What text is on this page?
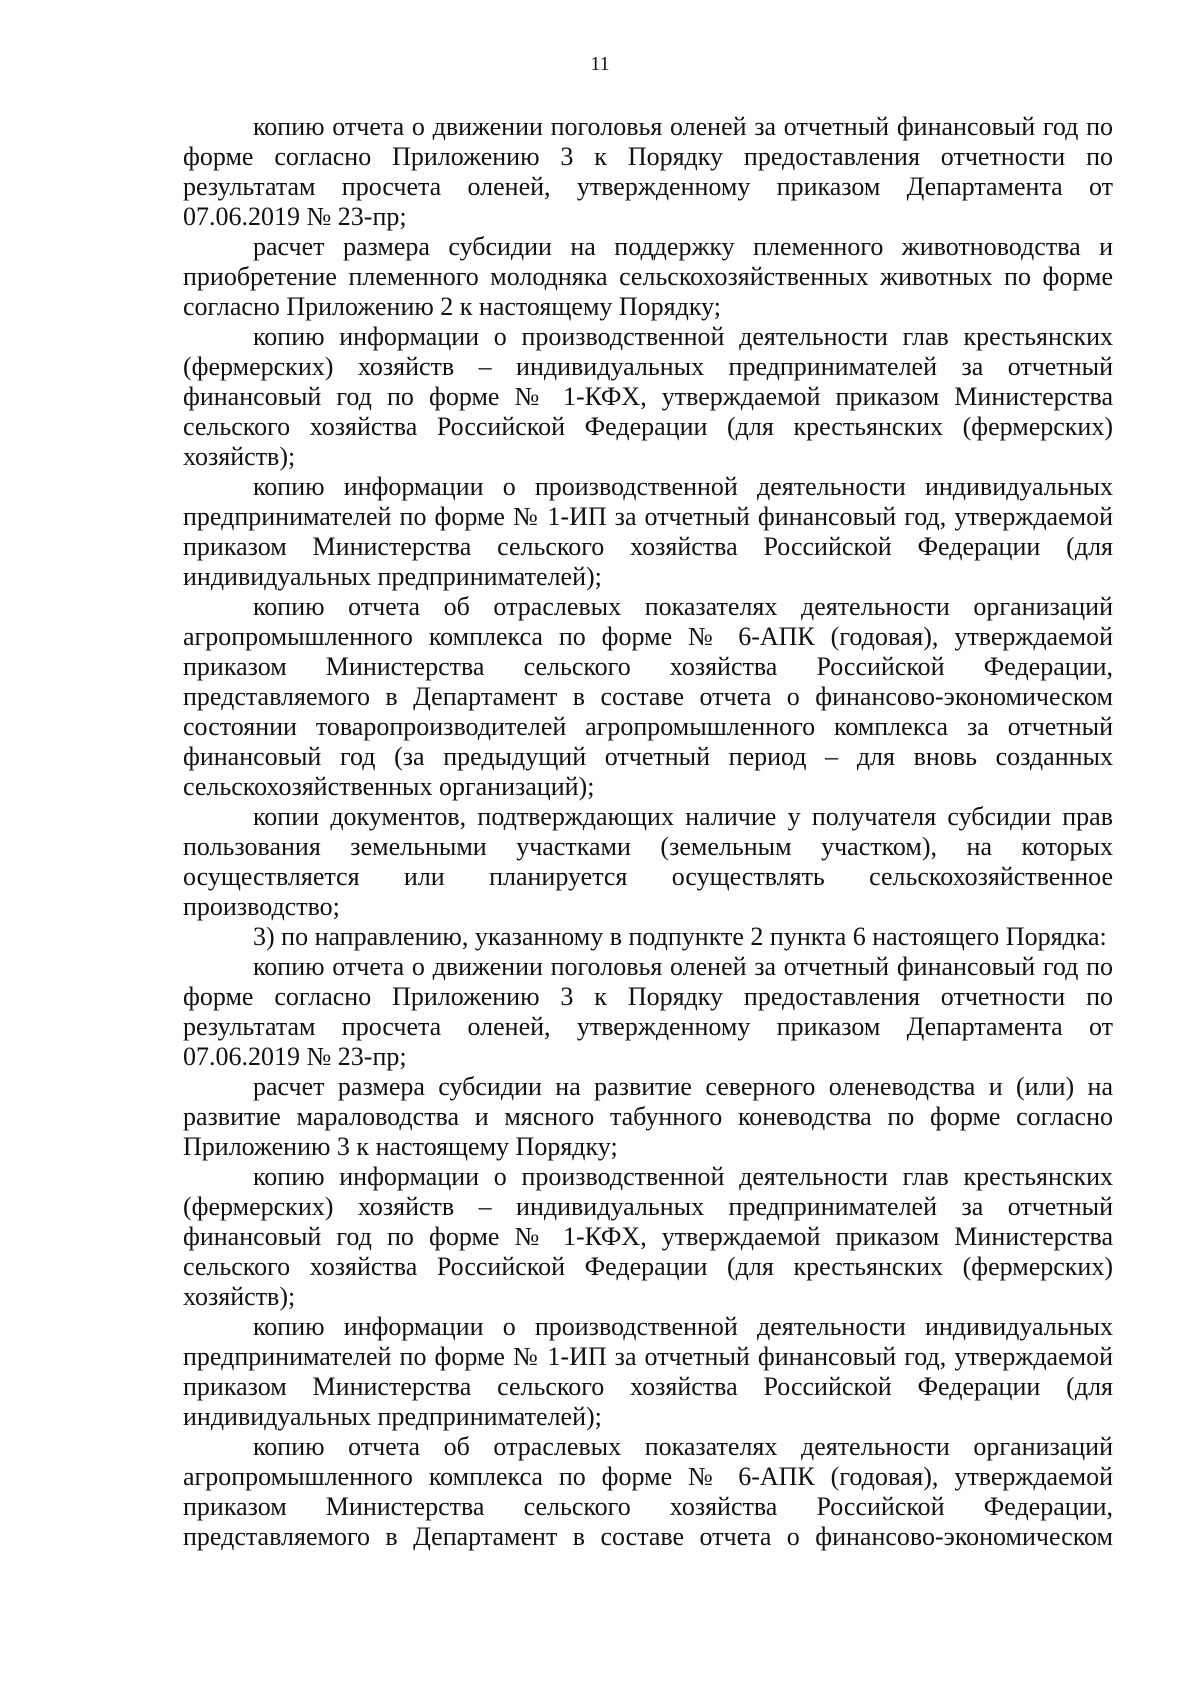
11

копию отчета о движении поголовья оленей за отчетный финансовый год по форме согласно Приложению 3 к Порядку предоставления отчетности по результатам просчета оленей, утвержденному приказом Департамента от 07.06.2019 № 23-пр;

расчет размера субсидии на поддержку племенного животноводства и приобретение племенного молодняка сельскохозяйственных животных по форме согласно Приложению 2 к настоящему Порядку;

копию информации о производственной деятельности глав крестьянских (фермерских) хозяйств – индивидуальных предпринимателей за отчетный финансовый год по форме № 1-КФХ, утверждаемой приказом Министерства сельского хозяйства Российской Федерации (для крестьянских (фермерских) хозяйств);

копию информации о производственной деятельности индивидуальных предпринимателей по форме № 1-ИП за отчетный финансовый год, утверждаемой приказом Министерства сельского хозяйства Российской Федерации (для индивидуальных предпринимателей);

копию отчета об отраслевых показателях деятельности организаций агропромышленного комплекса по форме № 6-АПК (годовая), утверждаемой приказом Министерства сельского хозяйства Российской Федерации, представляемого в Департамент в составе отчета о финансово-экономическом состоянии товаропроизводителей агропромышленного комплекса за отчетный финансовый год (за предыдущий отчетный период – для вновь созданных сельскохозяйственных организаций);

копии документов, подтверждающих наличие у получателя субсидии прав пользования земельными участками (земельным участком), на которых осуществляется или планируется осуществлять сельскохозяйственное производство;

3) по направлению, указанному в подпункте 2 пункта 6 настоящего Порядка:

копию отчета о движении поголовья оленей за отчетный финансовый год по форме согласно Приложению 3 к Порядку предоставления отчетности по результатам просчета оленей, утвержденному приказом Департамента от 07.06.2019 № 23-пр;

расчет размера субсидии на развитие северного оленеводства и (или) на развитие мараловодства и мясного табунного коневодства по форме согласно Приложению 3 к настоящему Порядку;

копию информации о производственной деятельности глав крестьянских (фермерских) хозяйств – индивидуальных предпринимателей за отчетный финансовый год по форме № 1-КФХ, утверждаемой приказом Министерства сельского хозяйства Российской Федерации (для крестьянских (фермерских) хозяйств);

копию информации о производственной деятельности индивидуальных предпринимателей по форме № 1-ИП за отчетный финансовый год, утверждаемой приказом Министерства сельского хозяйства Российской Федерации (для индивидуальных предпринимателей);

копию отчета об отраслевых показателях деятельности организаций агропромышленного комплекса по форме № 6-АПК (годовая), утверждаемой приказом Министерства сельского хозяйства Российской Федерации, представляемого в Департамент в составе отчета о финансово-экономическом
